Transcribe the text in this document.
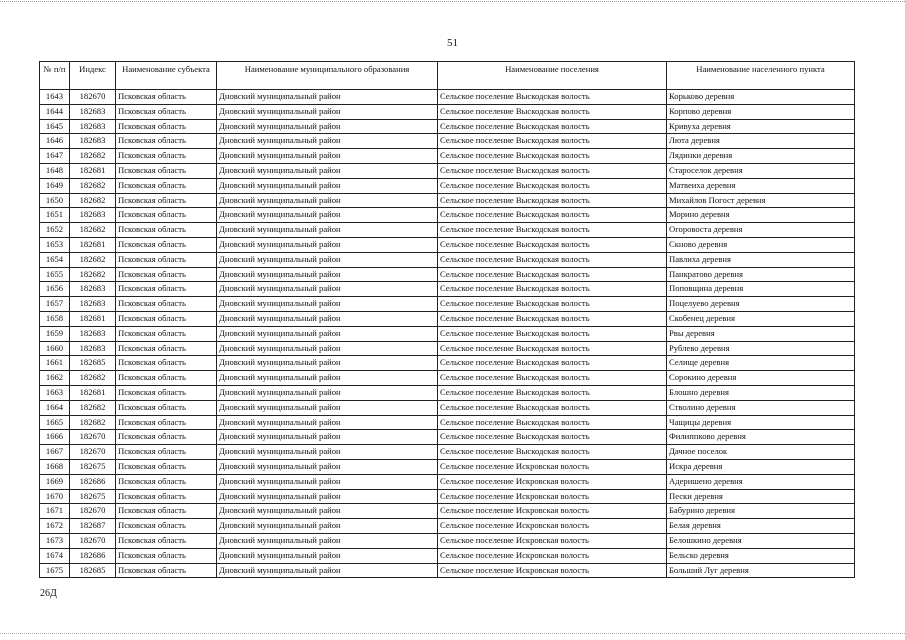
51
№ п/п	Индекс	Наименование субъекта	Наименование муниципального образования	Наименование поселения	Наименование населенного пункта
1643	182670	Псковская область	Дновский муниципальный район	Сельское поселение Выскодская волость	Корьково деревня
1644	182683	Псковская область	Дновский муниципальный район	Сельское поселение Выскодская волость	Корпово деревня
1645	182683	Псковская область	Дновский муниципальный район	Сельское поселение Выскодская волость	Кривуха деревня
1646	182683	Псковская область	Дновский муниципальный район	Сельское поселение Выскодская волость	Люта деревня
1647	182682	Псковская область	Дновский муниципальный район	Сельское поселение Выскодская волость	Лядинки деревня
1648	182681	Псковская область	Дновский муниципальный район	Сельское поселение Выскодская волость	Староселок деревня
1649	182682	Псковская область	Дновский муниципальный район	Сельское поселение Выскодская волость	Матвеиха деревня
1650	182682	Псковская область	Дновский муниципальный район	Сельское поселение Выскодская волость	Михайлов Погост деревня
1651	182683	Псковская область	Дновский муниципальный район	Сельское поселение Выскодская волость	Морино деревня
1652	182682	Псковская область	Дновский муниципальный район	Сельское поселение Выскодская волость	Огоровоста деревня
1653	182681	Псковская область	Дновский муниципальный район	Сельское поселение Выскодская волость	Скново деревня
1654	182682	Псковская область	Дновский муниципальный район	Сельское поселение Выскодская волость	Павлиха деревня
1655	182682	Псковская область	Дновский муниципальный район	Сельское поселение Выскодская волость	Панкратово деревня
1656	182683	Псковская область	Дновский муниципальный район	Сельское поселение Выскодская волость	Поповщина деревня
1657	182683	Псковская область	Дновский муниципальный район	Сельское поселение Выскодская волость	Поцелуево деревня
1658	182681	Псковская область	Дновский муниципальный район	Сельское поселение Выскодская волость	Скобенец деревня
1659	182683	Псковская область	Дновский муниципальный район	Сельское поселение Выскодская волость	Рвы деревня
1660	182683	Псковская область	Дновский муниципальный район	Сельское поселение Выскодская волость	Рублево деревня
1661	182685	Псковская область	Дновский муниципальный район	Сельское поселение Выскодская волость	Селище деревня
1662	182682	Псковская область	Дновский муниципальный район	Сельское поселение Выскодская волость	Сорокино деревня
1663	182681	Псковская область	Дновский муниципальный район	Сельское поселение Выскодская волость	Блошно деревня
1664	182682	Псковская область	Дновский муниципальный район	Сельское поселение Выскодская волость	Стволино деревня
1665	182682	Псковская область	Дновский муниципальный район	Сельское поселение Выскодская волость	Чащицы деревня
1666	182670	Псковская область	Дновский муниципальный район	Сельское поселение Выскодская волость	Филиппково деревня
1667	182670	Псковская область	Дновский муниципальный район	Сельское поселение Выскодская волость	Дачное поселок
1668	182675	Псковская область	Дновский муниципальный район	Сельское поселение Искровская волость	Искра деревня
1669	182686	Псковская область	Дновский муниципальный район	Сельское поселение Искровская волость	Адеришено деревня
1670	182675	Псковская область	Дновский муниципальный район	Сельское поселение Искровская волость	Пески деревня
1671	182670	Псковская область	Дновский муниципальный район	Сельское поселение Искровская волость	Бабурино деревня
1672	182687	Псковская область	Дновский муниципальный район	Сельское поселение Искровская волость	Белая деревня
1673	182670	Псковская область	Дновский муниципальный район	Сельское поселение Искровская волость	Белошкино деревня
1674	182686	Псковская область	Дновский муниципальный район	Сельское поселение Искровская волость	Бельско деревня
1675	182685	Псковская область	Дновский муниципальный район	Сельское поселение Искровская волость	Больший Луг деревня
26Д
